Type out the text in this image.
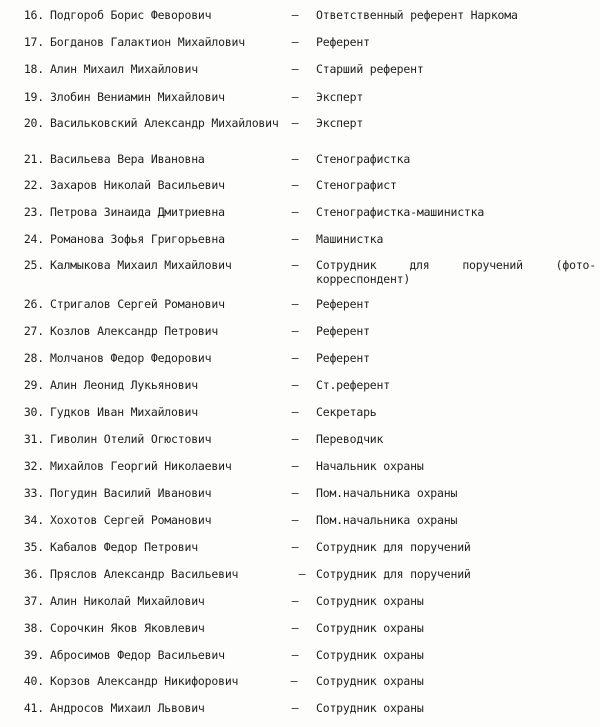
16. Подгороб Борис Феворович	– Ответственный референт Наркома
17. Богданов Галактион Михайлович	– Референт
18. Алин Михаил Михайлович	– Старший референт
19. Злобин Вениамин Михайлович	– Эксперт
20. Васильковский Александр Михайлович – Эксперт
21. Васильева Вера Ивановна	– Стенографистка
22. Захаров Николай Васильевич	– Стенографист
23. Петрова Зинаида Дмитриевна	– Стенографистка-машинистка
24. Романова Зофья Григорьевна	– Машинистка
25. Калмыкова Михаил Михайлович	– Сотрудник для поручений (фото-корреспондент)
26. Стригалов Сергей Романович	– Референт
27. Козлов Александр Петрович	– Референт
28. Молчанов Федор Федорович	– Референт
29. Алин Леонид Лукьянович	– Ст.референт
30. Гудков Иван Михайлович	– Секретарь
31. Гиволин Отелий Огюстович	– Переводчик
32. Михайлов Георгий Николаевич	– Начальник охраны
33. Погудин Василий Иванович	– Пом.начальника охраны
34. Хохотов Сергей Романович	– Пом.начальника охраны
35. Кабалов Федор Петрович	– Сотрудник для поручений
36. Пряслов Александр Васильевич	– Сотрудник для поручений
37. Алин Николай Михайлович	– Сотрудник охраны
38. Сорочкин Яков Яковлевич	– Сотрудник охраны
39. Абросимов Федор Васильевич	– Сотрудник охраны
40. Корзов Александр Никифорович	– Сотрудник охраны
41. Андросов Михаил Львович	– Сотрудник охраны
